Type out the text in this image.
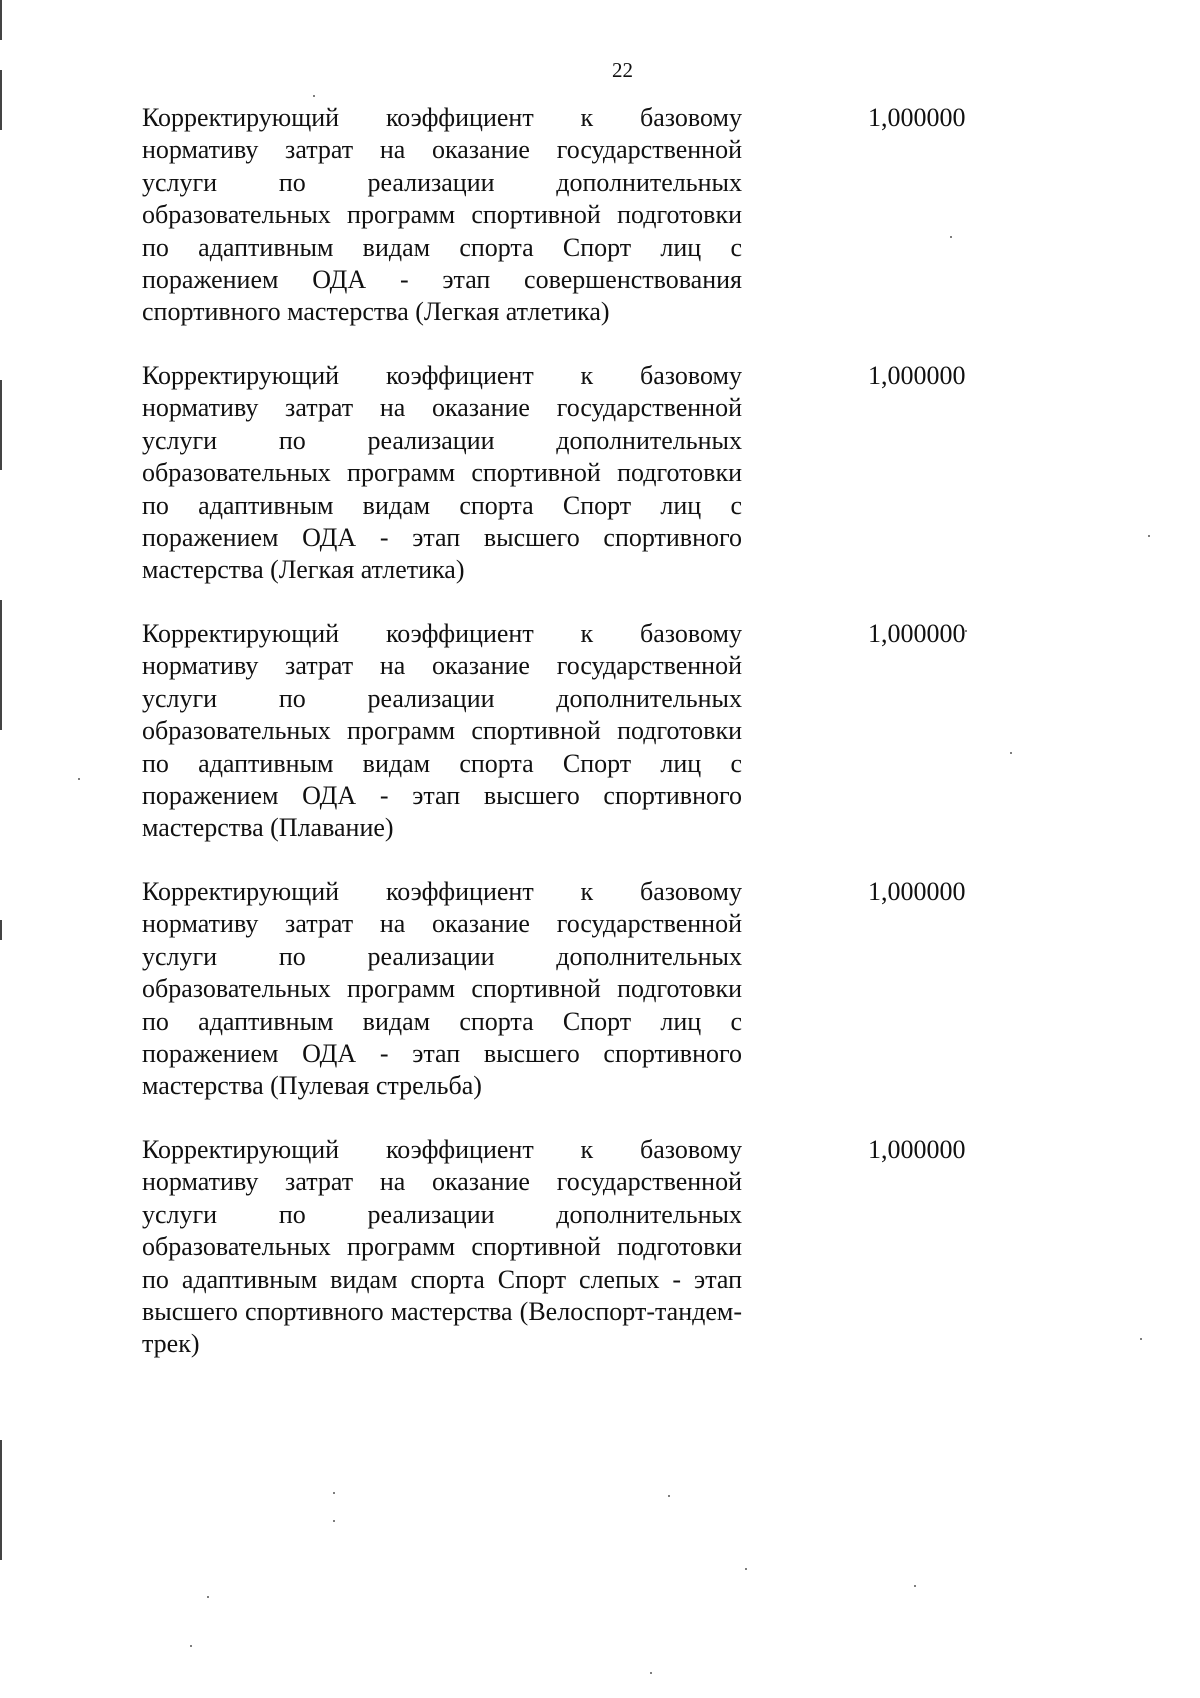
22
Корректирующий коэффициент к базовому нормативу затрат на оказание государственной услуги по реализации дополнительных образовательных программ спортивной подготовки по адаптивным видам спорта Спорт лиц с поражением ОДА - этап совершенствования спортивного мастерства (Легкая атлетика)
1,000000
Корректирующий коэффициент к базовому нормативу затрат на оказание государственной услуги по реализации дополнительных образовательных программ спортивной подготовки по адаптивным видам спорта Спорт лиц с поражением ОДА - этап высшего спортивного мастерства (Легкая атлетика)
1,000000
Корректирующий коэффициент к базовому нормативу затрат на оказание государственной услуги по реализации дополнительных образовательных программ спортивной подготовки по адаптивным видам спорта Спорт лиц с поражением ОДА - этап высшего спортивного мастерства (Плавание)
1,000000
Корректирующий коэффициент к базовому нормативу затрат на оказание государственной услуги по реализации дополнительных образовательных программ спортивной подготовки по адаптивным видам спорта Спорт лиц с поражением ОДА - этап высшего спортивного мастерства (Пулевая стрельба)
1,000000
Корректирующий коэффициент к базовому нормативу затрат на оказание государственной услуги по реализации дополнительных образовательных программ спортивной подготовки по адаптивным видам спорта Спорт слепых - этап высшего спортивного мастерства (Велоспорт-тандем-трек)
1,000000
